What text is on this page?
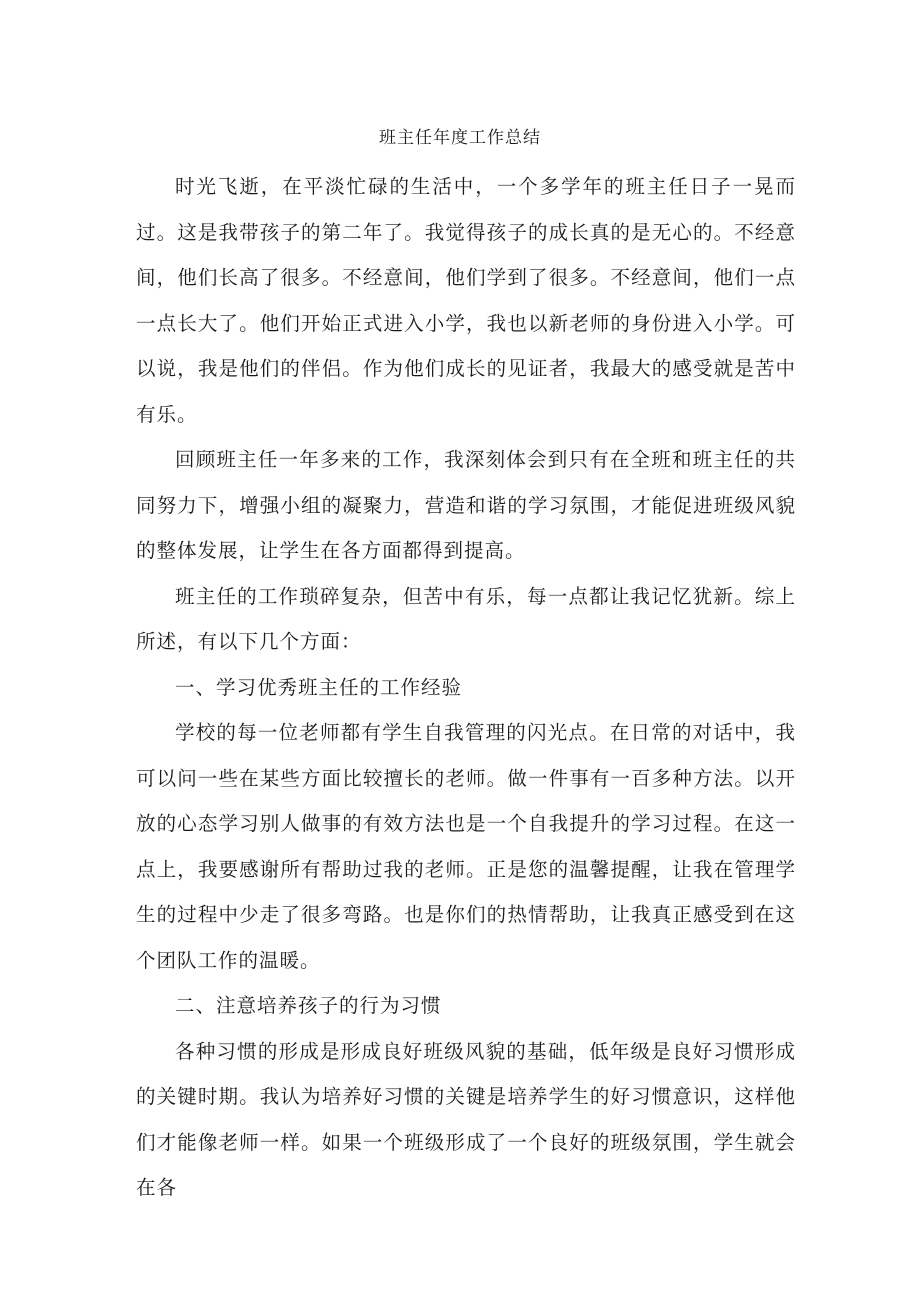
班主任年度工作总结

时光飞逝，在平淡忙碌的生活中，一个多学年的班主任日子一晃而过。这是我带孩子的第二年了。我觉得孩子的成长真的是无心的。不经意间，他们长高了很多。不经意间，他们学到了很多。不经意间，他们一点一点长大了。他们开始正式进入小学，我也以新老师的身份进入小学。可以说，我是他们的伴侣。作为他们成长的见证者，我最大的感受就是苦中有乐。

回顾班主任一年多来的工作，我深刻体会到只有在全班和班主任的共同努力下，增强小组的凝聚力，营造和谐的学习氛围，才能促进班级风貌的整体发展，让学生在各方面都得到提高。

班主任的工作琐碎复杂，但苦中有乐，每一点都让我记忆犹新。综上所述，有以下几个方面：

一、学习优秀班主任的工作经验

学校的每一位老师都有学生自我管理的闪光点。在日常的对话中，我可以问一些在某些方面比较擅长的老师。做一件事有一百多种方法。以开放的心态学习别人做事的有效方法也是一个自我提升的学习过程。在这一点上，我要感谢所有帮助过我的老师。正是您的温馨提醒，让我在管理学生的过程中少走了很多弯路。也是你们的热情帮助，让我真正感受到在这个团队工作的温暖。

二、注意培养孩子的行为习惯

各种习惯的形成是形成良好班级风貌的基础，低年级是良好习惯形成的关键时期。我认为培养好习惯的关键是培养学生的好习惯意识，这样他们才能像老师一样。如果一个班级形成了一个良好的班级氛围，学生就会在各
